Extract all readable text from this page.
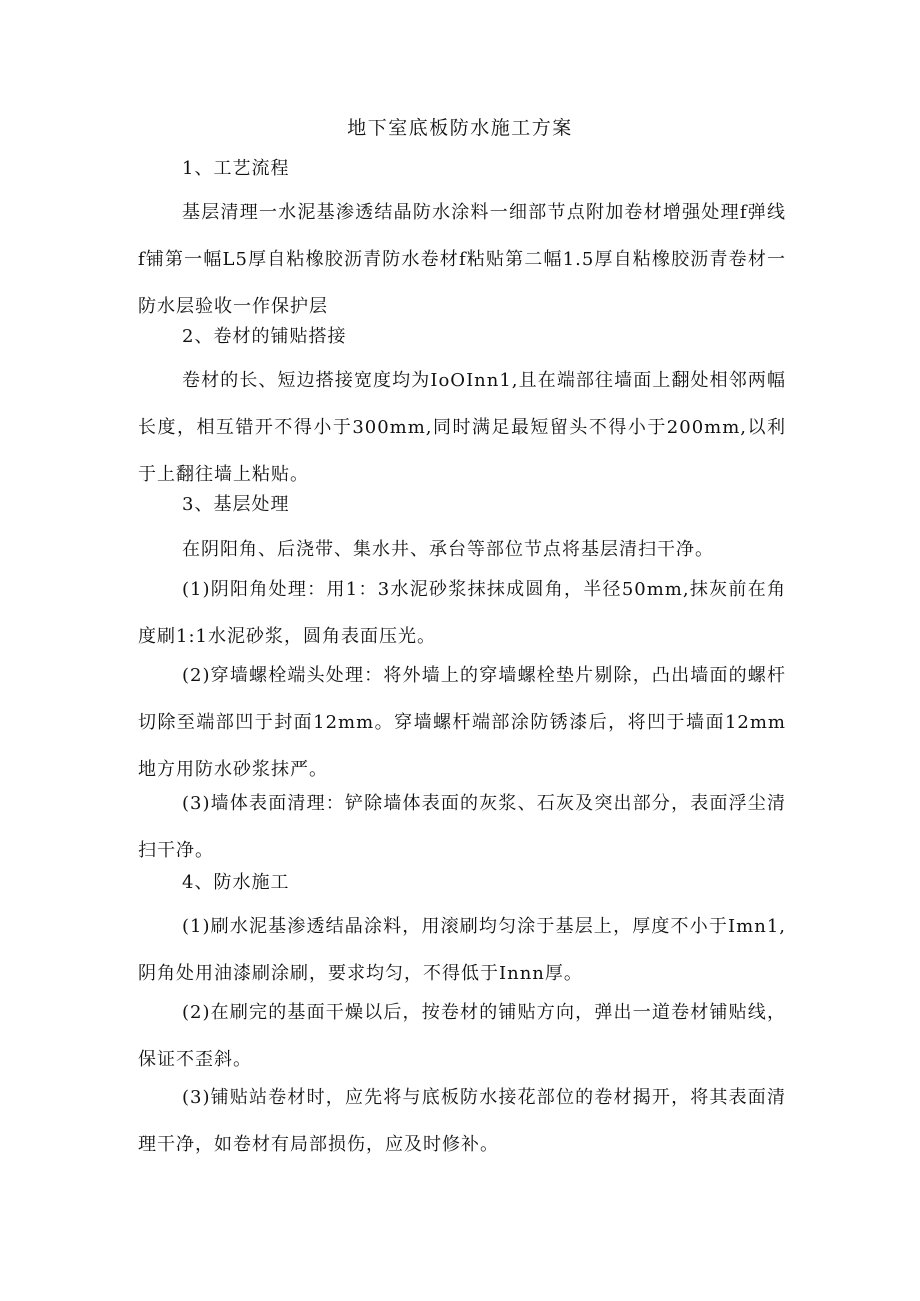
地下室底板防水施工方案
1、工艺流程
基层清理一水泥基渗透结晶防水涂料一细部节点附加卷材增强处理f弹线f铺第一幅L5厚自粘橡胶沥青防水卷材f粘贴第二幅1.5厚自粘橡胶沥青卷材一防水层验收一作保护层
2、卷材的铺贴搭接
卷材的长、短边搭接宽度均为IoOInn1,且在端部往墙面上翻处相邻两幅长度，相互错开不得小于300mm,同时满足最短留头不得小于200mm,以利于上翻往墙上粘贴。
3、基层处理
在阴阳角、后浇带、集水井、承台等部位节点将基层清扫干净。
(1)阴阳角处理：用1：3水泥砂浆抹抹成圆角，半径50mm,抹灰前在角度刷1:1水泥砂浆，圆角表面压光。
(2)穿墙螺栓端头处理：将外墙上的穿墙螺栓垫片剔除，凸出墙面的螺杆切除至端部凹于封面12mm。穿墙螺杆端部涂防锈漆后，将凹于墙面12mm地方用防水砂浆抹严。
(3)墙体表面清理：铲除墙体表面的灰浆、石灰及突出部分，表面浮尘清扫干净。
4、防水施工
(1)刷水泥基渗透结晶涂料，用滚刷均匀涂于基层上，厚度不小于Imn1,阴角处用油漆刷涂刷，要求均匀，不得低于Innn厚。
(2)在刷完的基面干燥以后，按卷材的铺贴方向，弹出一道卷材铺贴线，保证不歪斜。
(3)铺贴站卷材时，应先将与底板防水接花部位的卷材揭开，将其表面清理干净，如卷材有局部损伤，应及时修补。
